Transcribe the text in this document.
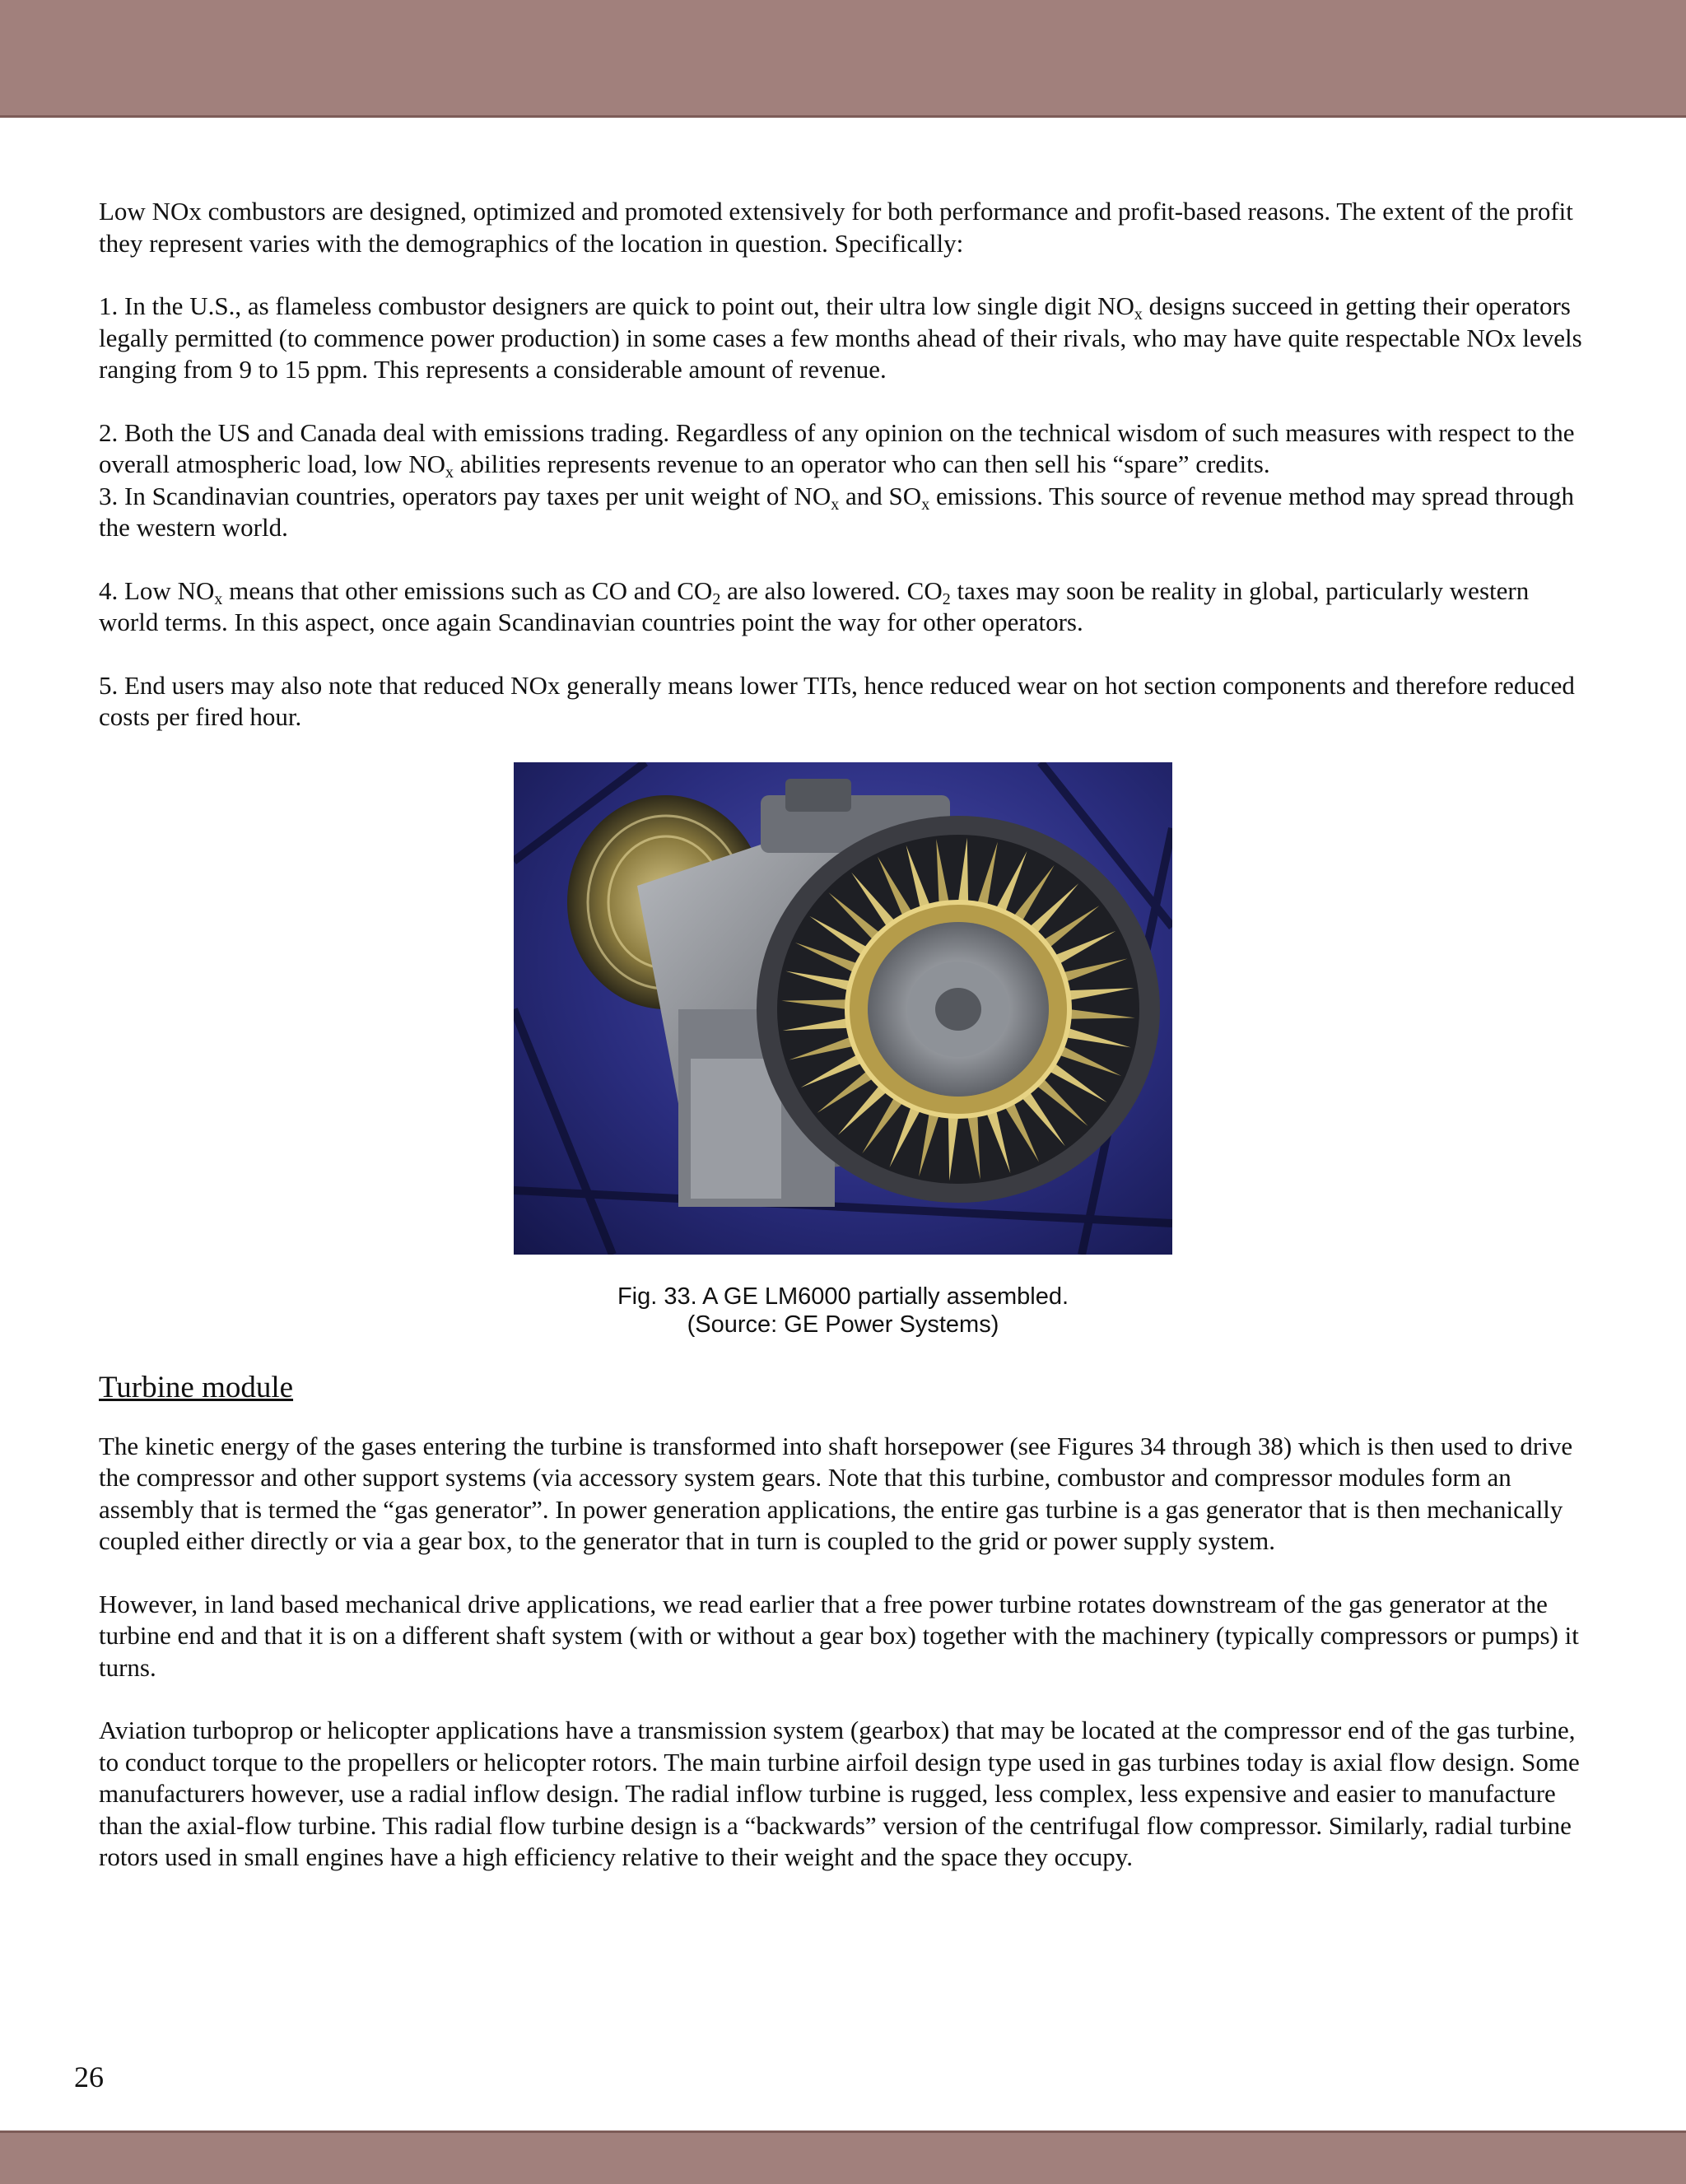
Low NOx combustors are designed, optimized and promoted extensively for both performance and profit-based reasons. The extent of the profit they represent varies with the demographics of the location in question. Specifically:

1. In the U.S., as flameless combustor designers are quick to point out, their ultra low single digit $NO_x$ designs succeed in getting their operators legally permitted (to commence power production) in some cases a few months ahead of their rivals, who may have quite respectable NOx levels ranging from 9 to 15 ppm. This represents a considerable amount of revenue.

2. Both the US and Canada deal with emissions trading. Regardless of any opinion on the technical wisdom of such measures with respect to the overall atmospheric load, low $NO_x$ abilities represents revenue to an operator who can then sell his “spare” credits.

3. In Scandinavian countries, operators pay taxes per unit weight of $NO_x$ and $SO_x$ emissions. This source of revenue method may spread through the western world.

4. Low $NO_x$ means that other emissions such as CO and $CO_2$ are also lowered. $CO_2$ taxes may soon be reality in global, particularly western world terms. In this aspect, once again Scandinavian countries point the way for other operators.

5. End users may also note that reduced NOx generally means lower TITs, hence reduced wear on hot section components and therefore reduced costs per fired hour.

Fig. 33. A GE LM6000 partially assembled.
(Source: GE Power Systems)
Turbine module

The kinetic energy of the gases entering the turbine is transformed into shaft horsepower (see Figures 34 through 38) which is then used to drive the compressor and other support systems (via accessory system gears. Note that this turbine, combustor and compressor modules form an assembly that is termed the “gas generator”. In power generation applications, the entire gas turbine is a gas generator that is then mechanically coupled either directly or via a gear box, to the generator that in turn is coupled to the grid or power supply system.

However, in land based mechanical drive applications, we read earlier that a free power turbine rotates downstream of the gas generator at the turbine end and that it is on a different shaft system (with or without a gear box) together with the machinery (typically compressors or pumps) it turns.

Aviation turboprop or helicopter applications have a transmission system (gearbox) that may be located at the compressor end of the gas turbine, to conduct torque to the propellers or helicopter rotors. The main turbine airfoil design type used in gas turbines today is axial flow design. Some manufacturers however, use a radial inflow design. The radial inflow turbine is rugged, less complex, less expensive and easier to manufacture than the axial-flow turbine. This radial flow turbine design is a “backwards” version of the centrifugal flow compressor. Similarly, radial turbine rotors used in small engines have a high efficiency relative to their weight and the space they occupy.

26
